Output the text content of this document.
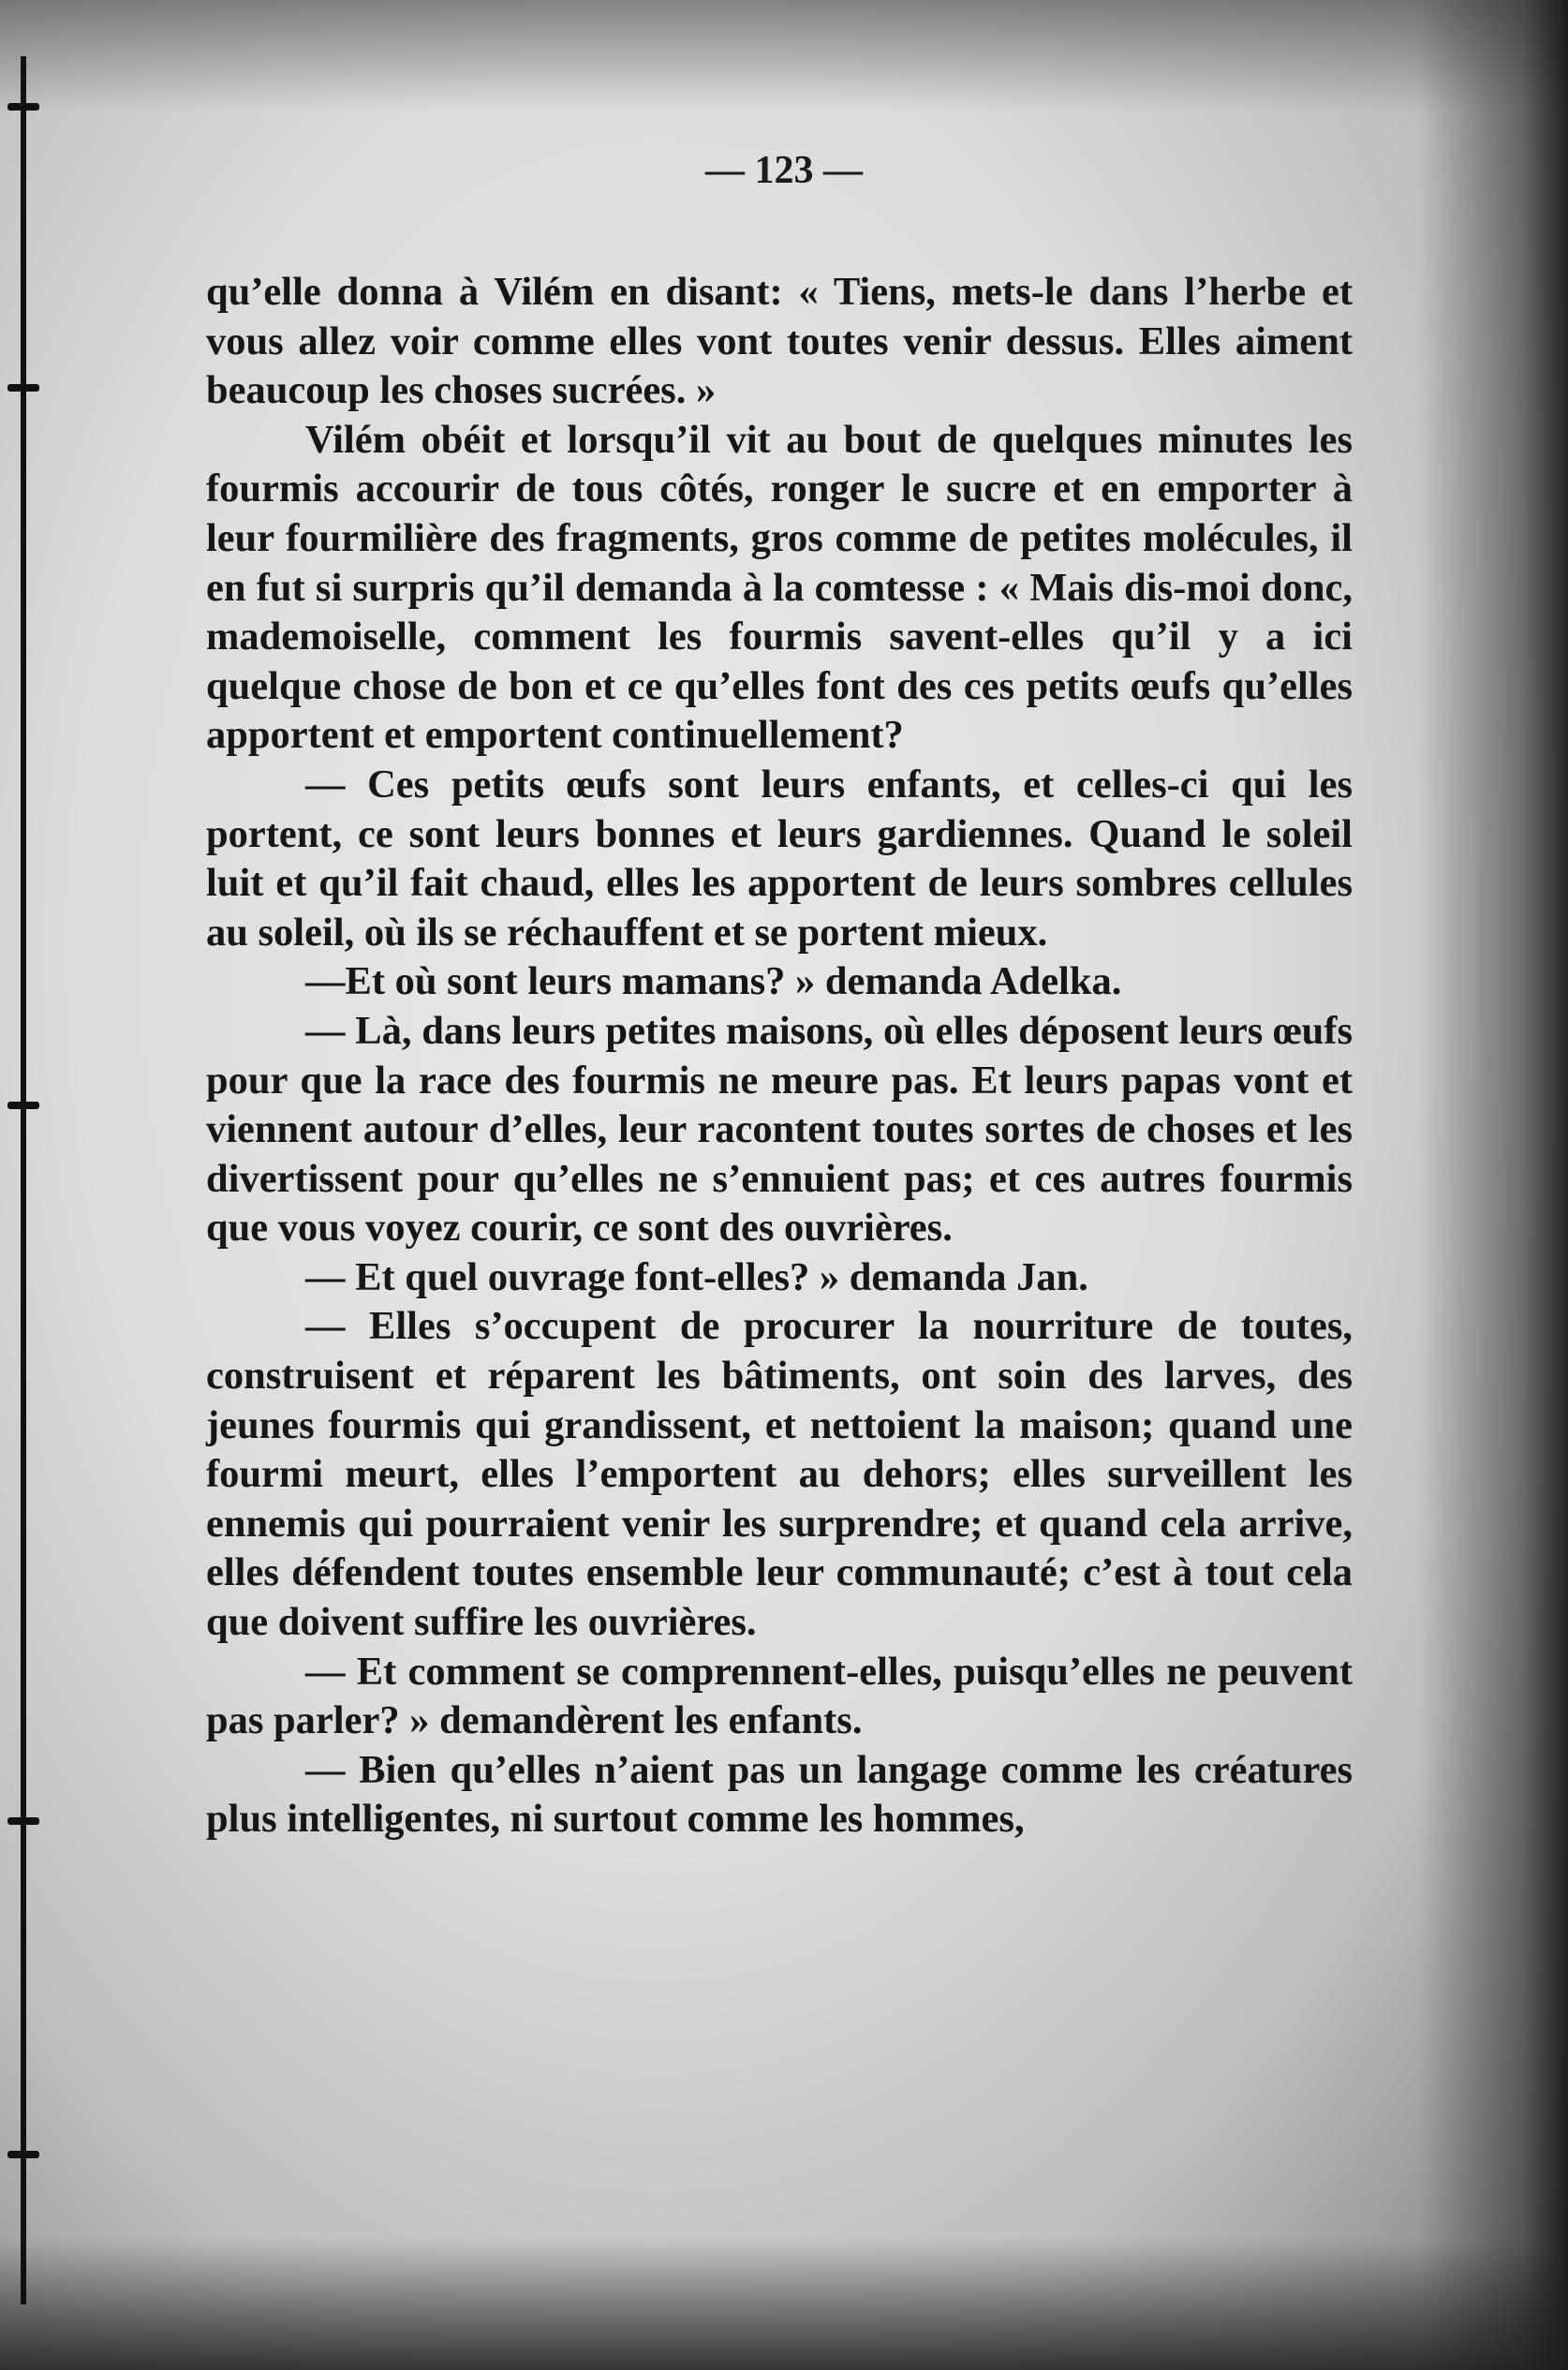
— 123 —

qu’elle donna à Vilém en disant: « Tiens, mets-le dans l’herbe et vous allez voir comme elles vont toutes venir dessus. Elles aiment beaucoup les choses sucrées. »

Vilém obéit et lorsqu’il vit au bout de quelques minutes les fourmis accourir de tous côtés, ronger le sucre et en emporter à leur fourmilière des fragments, gros comme de petites molécules, il en fut si surpris qu’il demanda à la comtesse : « Mais dis-moi donc, mademoiselle, comment les fourmis savent-elles qu’il y a ici quelque chose de bon et ce qu’elles font des ces petits œufs qu’elles apportent et emportent continuellement?

— Ces petits œufs sont leurs enfants, et celles-ci qui les portent, ce sont leurs bonnes et leurs gardiennes. Quand le soleil luit et qu’il fait chaud, elles les apportent de leurs sombres cellules au soleil, où ils se réchauffent et se portent mieux.

—Et où sont leurs mamans? » demanda Adelka.

— Là, dans leurs petites maisons, où elles déposent leurs œufs pour que la race des fourmis ne meure pas. Et leurs papas vont et viennent autour d’elles, leur racontent toutes sortes de choses et les divertissent pour qu’elles ne s’ennuient pas; et ces autres fourmis que vous voyez courir, ce sont des ouvrières.

— Et quel ouvrage font-elles? » demanda Jan.

— Elles s’occupent de procurer la nourriture de toutes, construisent et réparent les bâtiments, ont soin des larves, des jeunes fourmis qui grandissent, et nettoient la maison; quand une fourmi meurt, elles l’emportent au dehors; elles surveillent les ennemis qui pourraient venir les surprendre; et quand cela arrive, elles défendent toutes ensemble leur communauté; c’est à tout cela que doivent suffire les ouvrières.

— Et comment se comprennent-elles, puisqu’elles ne peuvent pas parler? » demandèrent les enfants.

— Bien qu’elles n’aient pas un langage comme les créatures plus intelligentes, ni surtout comme les hommes,
